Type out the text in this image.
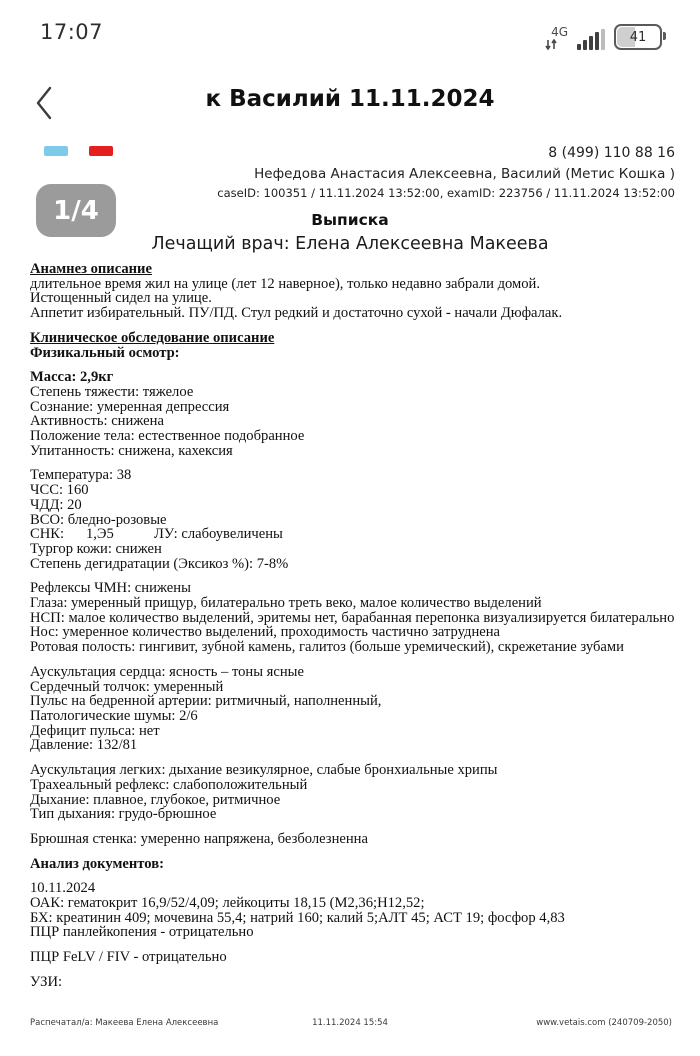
17:07	4G	41
к Василий 11.11.2024
8 (499) 110 88 16
Нефедова Анастасия Алексеевна, Василий (Метис Кошка )
caseID: 100351 / 11.11.2024 13:52:00, examID: 223756 / 11.11.2024 13:52:00
1/4	Выписка
Лечащий врач: Елена Алексеевна Макеева
Анамнез описание
длительное время жил на улице (лет 12 наверное), только недавно забрали домой.
Истощенный сидел на улице.
Аппетит избирательный. ПУ/ПД. Стул редкий и достаточно сухой - начали Дюфалак.
Клиническое обследование описание
Физикальный осмотр:
Масса: 2,9кг
Степень тяжести: тяжелое
Сознание: умеренная депрессия
Активность: снижена
Положение тела: естественное подобранное
Упитанность: снижена, кахексия
Температура: 38
ЧСС: 160
ЧДД: 20
ВСО: бледно-розовые
СНК:      1,Э5           ЛУ: слабоувеличены
Тургор кожи: снижен
Степень дегидратации (Эксикоз %): 7-8%
Рефлексы ЧМН: снижены
Глаза: умеренный прищур, билатерально треть веко, малое количество выделений
НСП: малое количество выделений, эритемы нет, барабанная перепонка визуализируется билатерально
Нос: умеренное количество выделений, проходимость частично затруднена
Ротовая полость: гингивит, зубной камень, галитоз (больше уремический), скрежетание зубами
Аускультация сердца: ясность – тоны ясные
Сердечный толчок: умеренный
Пульс на бедренной артерии: ритмичный, наполненный,
Патологические шумы: 2/6
Дефицит пульса: нет
Давление: 132/81
Аускультация легких: дыхание везикулярное, слабые бронхиальные хрипы
Трахеальный рефлекс: слабоположительный
Дыхание: плавное, глубокое, ритмичное
Тип дыхания: грудо-брюшное
Брюшная стенка: умеренно напряжена, безболезненна
Анализ документов:
10.11.2024
ОАК: гематокрит 16,9/52/4,09; лейкоциты 18,15 (М2,36;Н12,52;
БХ: креатинин 409; мочевина 55,4; натрий 160; калий 5;АЛТ 45; АСТ 19; фосфор 4,83
ПЦР панлейкопения - отрицательно
ПЦР FeLV / FIV - отрицательно
УЗИ:
Распечатал/а: Макеева Елена Алексеевна	11.11.2024 15:54	www.vetais.com (240709-2050)
